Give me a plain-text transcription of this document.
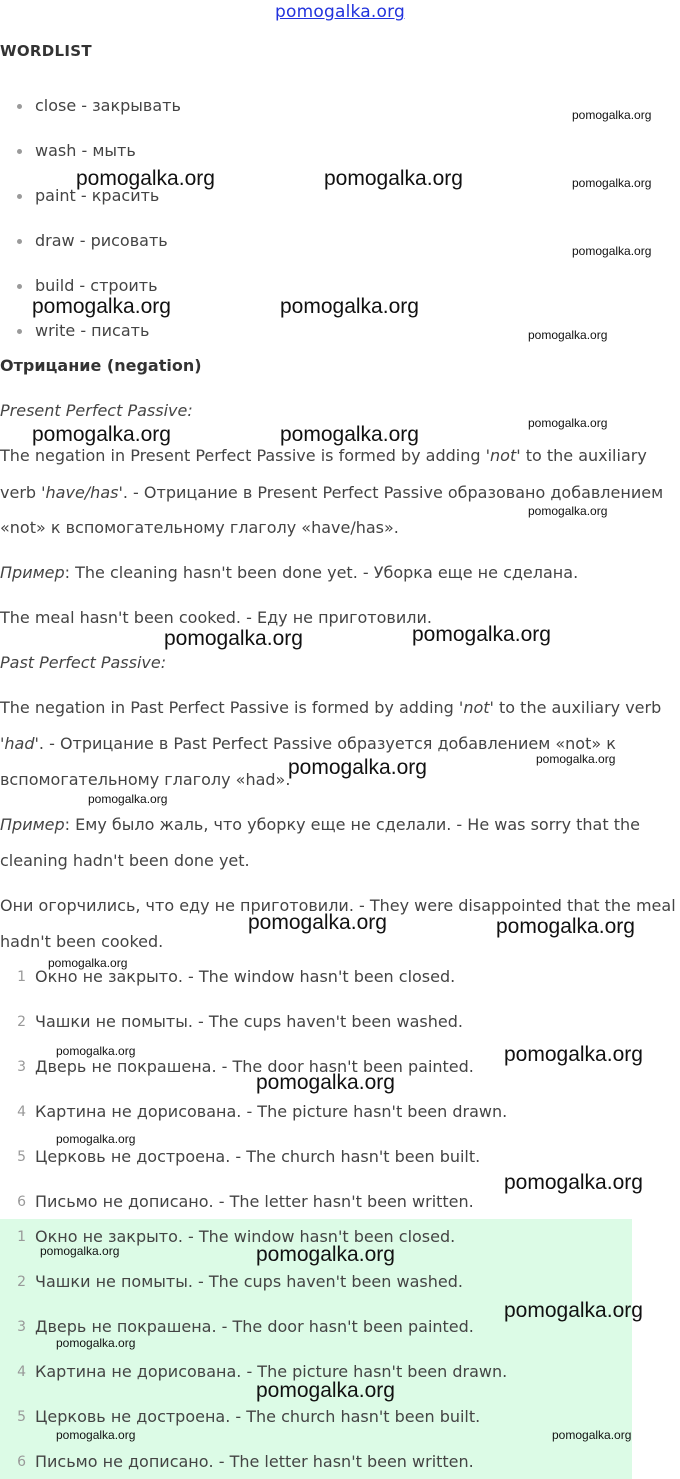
pomogalka.org
WORDLIST
close - закрывать
wash - мыть
paint - красить
draw - рисовать
build - строить
write - писать
Отрицание (negation)
Present Perfect Passive:
The negation in Present Perfect Passive is formed by adding 'not' to the auxiliary
verb 'have/has'. - Отрицание в Present Perfect Passive образовано добавлением
«not» к вспомогательному глаголу «have/has».
Пример: The cleaning hasn't been done yet. - Уборка еще не сделана.
The meal hasn't been cooked. - Еду не приготовили.
Past Perfect Passive:
The negation in Past Perfect Passive is formed by adding 'not' to the auxiliary verb
'had'. - Отрицание в Past Perfect Passive образуется добавлением «not» к
вспомогательному глаголу «had».
Пример: Ему было жаль, что уборку еще не сделали. - He was sorry that the
cleaning hadn't been done yet.
Они огорчились, что еду не приготовили. - They were disappointed that the meal
hadn't been cooked.
1 Окно не закрыто. - The window hasn't been closed.
2 Чашки не помыты. - The cups haven't been washed.
3 Дверь не покрашена. - The door hasn't been painted.
4 Картина не дорисована. - The picture hasn't been drawn.
5 Церковь не достроена. - The church hasn't been built.
6 Письмо не дописано. - The letter hasn't been written.
1 Окно не закрыто. - The window hasn't been closed.
2 Чашки не помыты. - The cups haven't been washed.
3 Дверь не покрашена. - The door hasn't been painted.
4 Картина не дорисована. - The picture hasn't been drawn.
5 Церковь не достроена. - The church hasn't been built.
6 Письмо не дописано. - The letter hasn't been written.
pomogalka.org	pomogalka.org
pomogalka.org
pomogalka.org
pomogalka.org
pomogalka.org	pomogalka.org
pomogalka.org
pomogalka.org
pomogalka.org	pomogalka.org
pomogalka.org
pomogalka.org	pomogalka.org
pomogalka.org	pomogalka.org
pomogalka.org
pomogalka.org	pomogalka.org
pomogalka.org
pomogalka.org	pomogalka.org
pomogalka.org
pomogalka.org
pomogalka.org
pomogalka.org	pomogalka.org
pomogalka.org
pomogalka.org
pomogalka.org
pomogalka.org	pomogalka.org
